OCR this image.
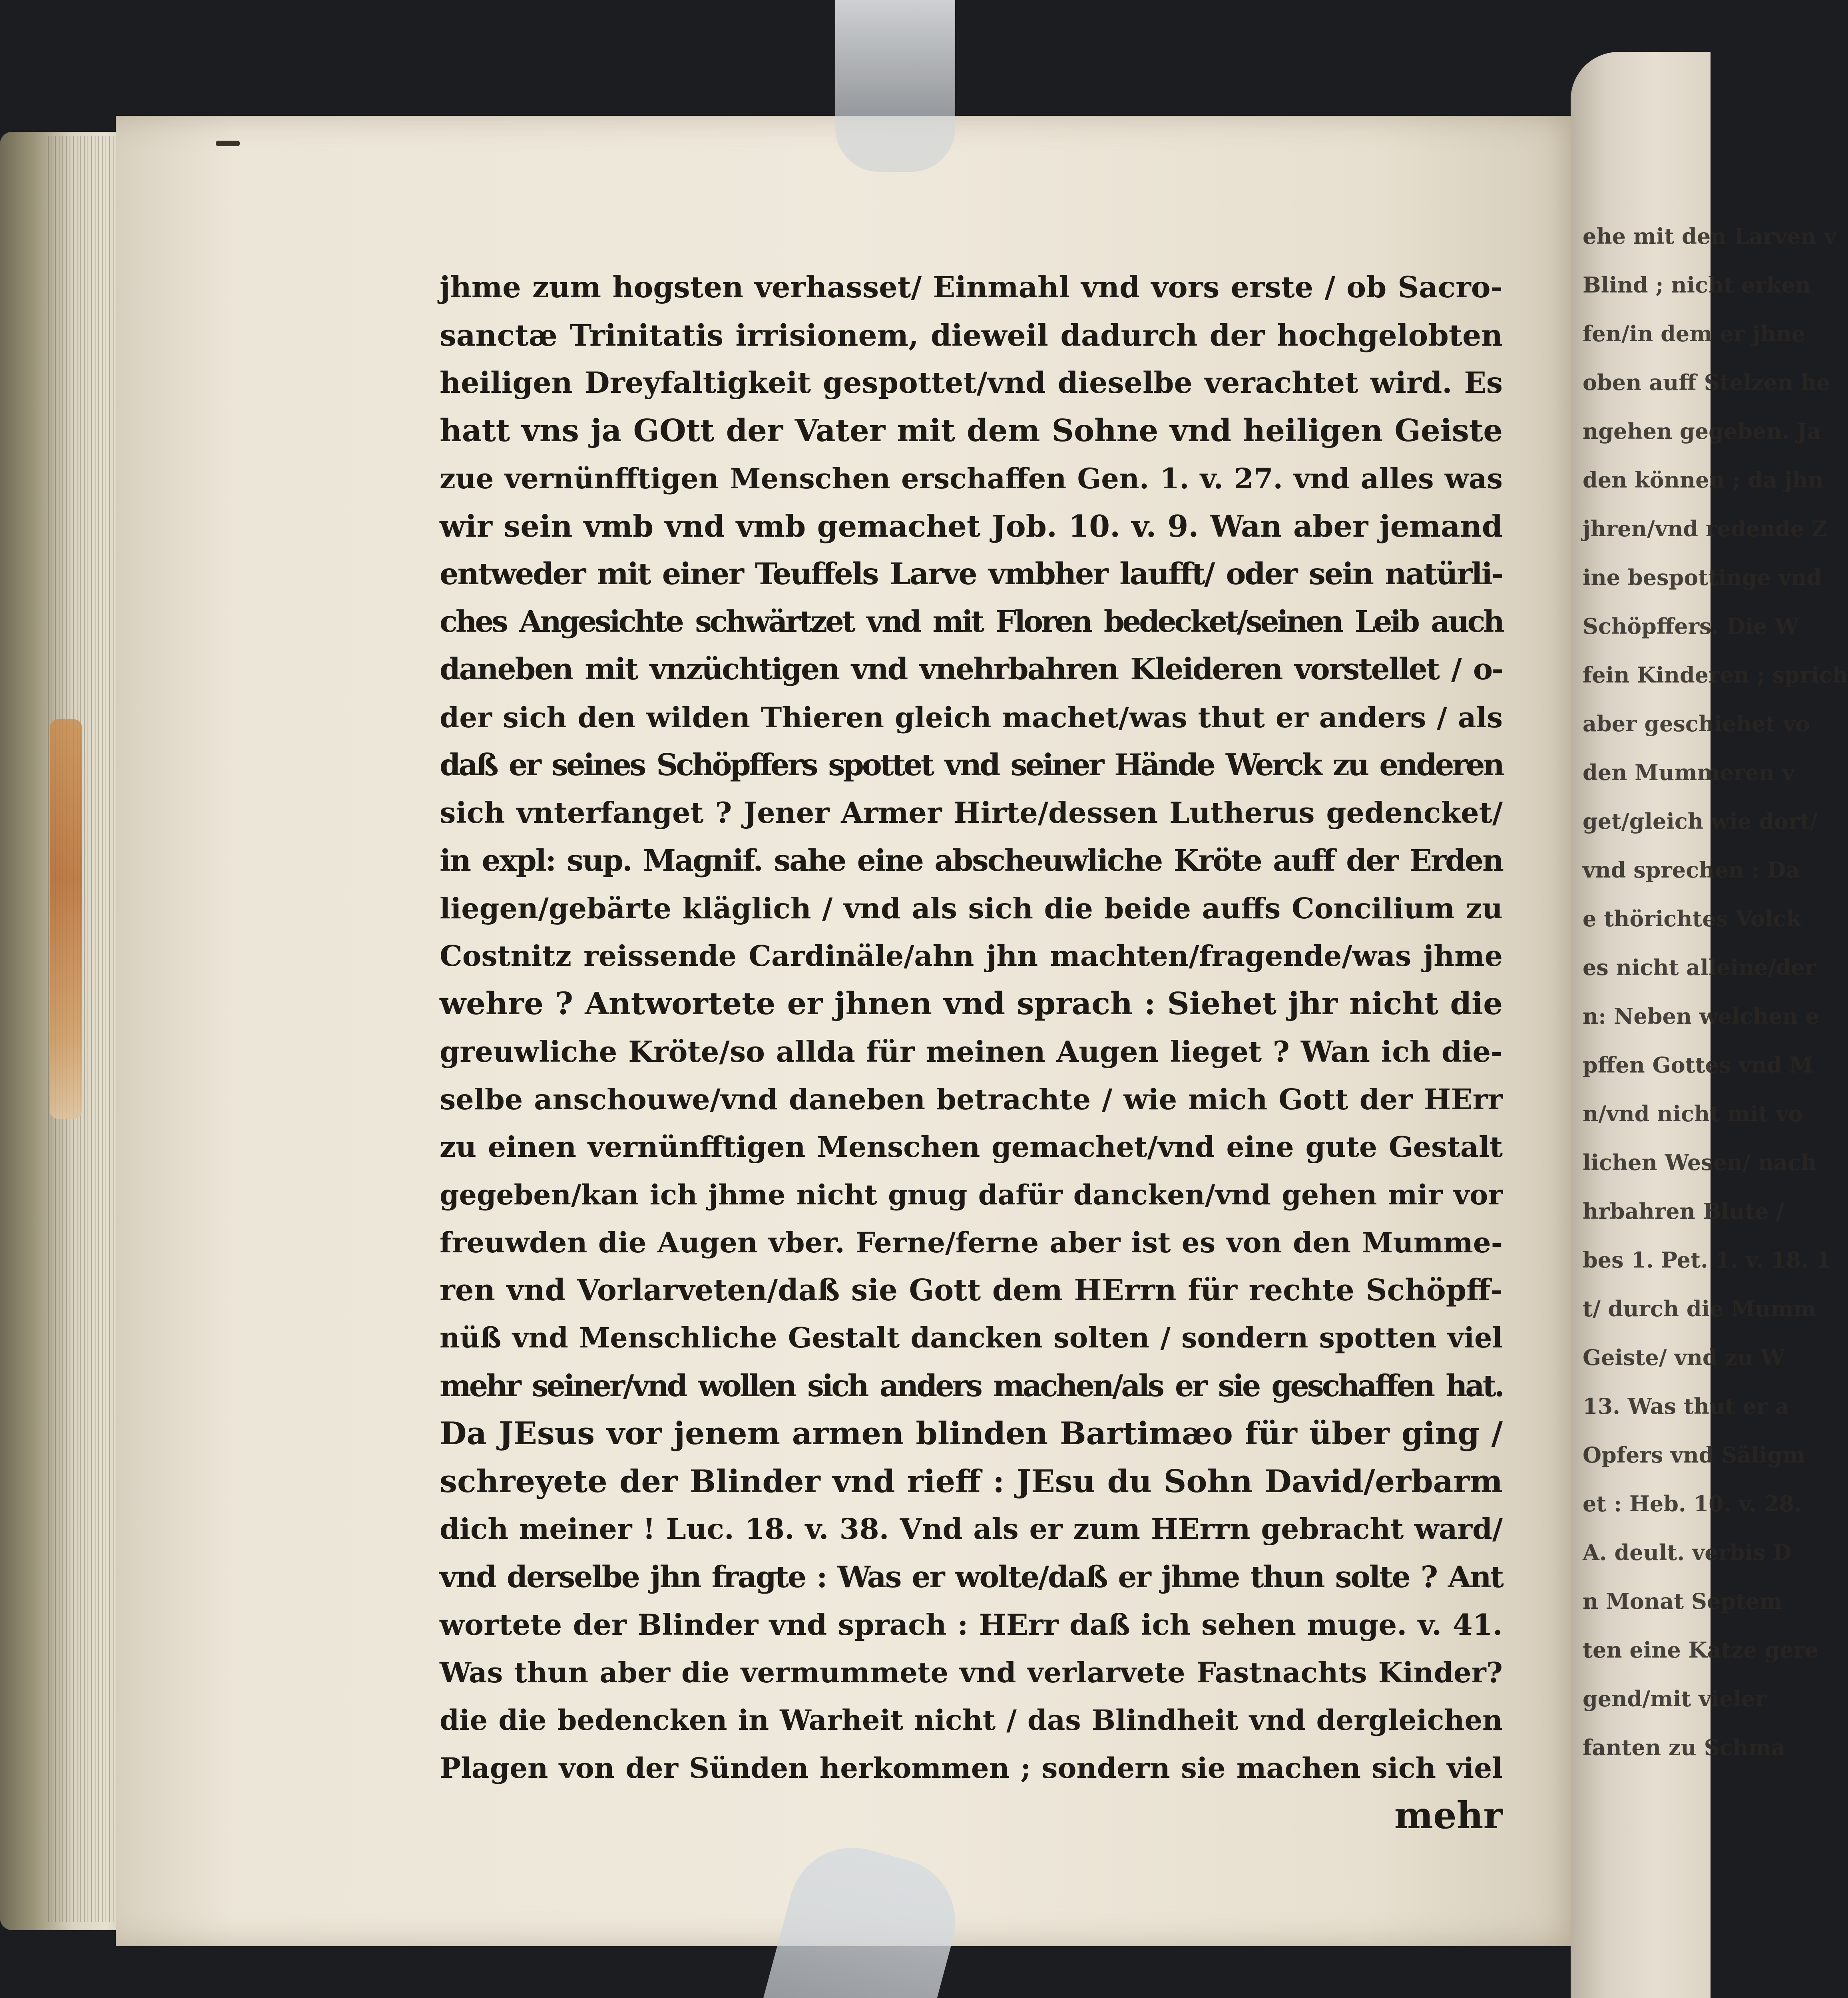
ehe mit den Larven v
Blind ; nicht erken
fen/in dem er jhne
oben auff Stelzen he
ngehen gegeben. Ja
den können ; da jhn
jhren/vnd redende Z
ine bespottinge vnd
Schöpffers. Die W
fein Kinderen ; sprich
aber geschiehet vo
den Mummeren v
get/gleich wie dort/
vnd sprechen : Da
e thörichtes Volck
es nicht alleine/der
n: Neben welchen e
pffen Gottes vnd M
n/vnd nicht mit vo
lichen Wesen/ nach
hrbahren Blute /
bes 1. Pet. 1. v. 18. 1
t/ durch die Mumm
Geiste/ vnd zu W
13. Was thut er a
Opfers vnd Säligm
et : Heb. 10. v. 28.
A. deult. verbis D
n Monat Septem
ten eine Katze gere
gend/mit vieler
fanten zu Schma
jhme zum hogsten verhasset/ Einmahl vnd vors erste / ob Sacro-
sanctæ Trinitatis irrisionem, dieweil dadurch der hochgelobten
heiligen Dreyfaltigkeit gespottet/vnd dieselbe verachtet wird. Es
hatt vns ja GOtt der Vater mit dem Sohne vnd heiligen Geiste
zue vernünfftigen Menschen erschaffen Gen. 1. v. 27. vnd alles was
wir sein vmb vnd vmb gemachet Job. 10. v. 9. Wan aber jemand
entweder mit einer Teuffels Larve vmbher laufft/ oder sein natürli-
ches Angesichte schwärtzet vnd mit Floren bedecket/seinen Leib auch
daneben mit vnzüchtigen vnd vnehrbahren Kleideren vorstellet / o-
der sich den wilden Thieren gleich machet/was thut er anders / als
daß er seines Schöpffers spottet vnd seiner Hände Werck zu enderen
sich vnterfanget ? Jener Armer Hirte/dessen Lutherus gedencket/
in expl: sup. Magnif. sahe eine abscheuwliche Kröte auff der Erden
liegen/gebärte kläglich / vnd als sich die beide auffs Concilium zu
Costnitz reissende Cardinäle/ahn jhn machten/fragende/was jhme
wehre ? Antwortete er jhnen vnd sprach : Siehet jhr nicht die
greuwliche Kröte/so allda für meinen Augen lieget ? Wan ich die-
selbe anschouwe/vnd daneben betrachte / wie mich Gott der HErr
zu einen vernünfftigen Menschen gemachet/vnd eine gute Gestalt
gegeben/kan ich jhme nicht gnug dafür dancken/vnd gehen mir vor
freuwden die Augen vber. Ferne/ferne aber ist es von den Mumme-
ren vnd Vorlarveten/daß sie Gott dem HErrn für rechte Schöpff-
nüß vnd Menschliche Gestalt dancken solten / sondern spotten viel
mehr seiner/vnd wollen sich anders machen/als er sie geschaffen hat.
Da JEsus vor jenem armen blinden Bartimæo für über ging /
schreyete der Blinder vnd rieff : JEsu du Sohn David/erbarm
dich meiner ! Luc. 18. v. 38. Vnd als er zum HErrn gebracht ward/
vnd derselbe jhn fragte : Was er wolte/daß er jhme thun solte ? Ant
wortete der Blinder vnd sprach : HErr daß ich sehen muge. v. 41.
Was thun aber die vermummete vnd verlarvete Fastnachts Kinder?
die die bedencken in Warheit nicht / das Blindheit vnd dergleichen
Plagen von der Sünden herkommen ; sondern sie machen sich viel
mehr
